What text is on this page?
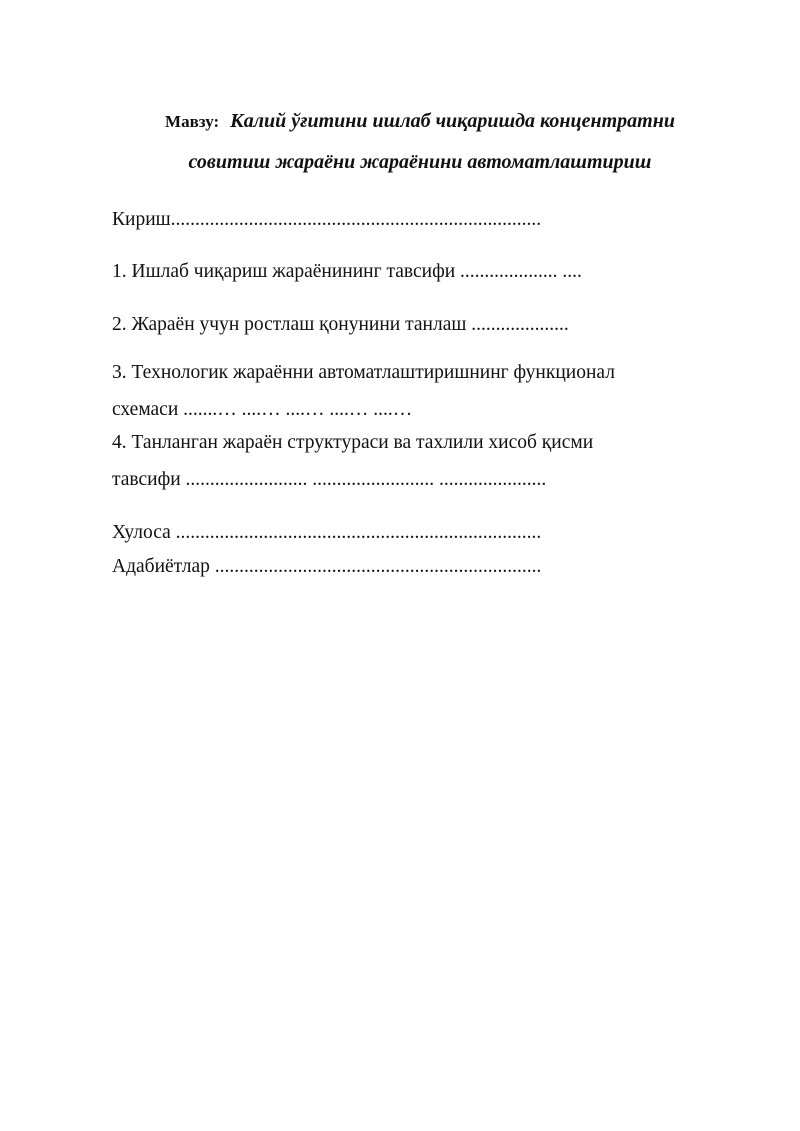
Мавзу: Калий ўғитини ишлаб чиқаришда концентратни
совитиш жараёни жараёнини автоматлаштириш
Кириш............................................................................
1. Ишлаб чиқариш жараёнининг тавсифи .................... ....
2. Жараён учун ростлаш қонунини танлаш ....................
3. Технологик жараённи автоматлаштиришнинг функционал
схемаси .......… ....… ....… ....… ....…
4. Танланган жараён структураси ва тахлили хисоб қисми
тавсифи ......................... ......................... ......................
Хулоса ...........................................................................
Адабиётлар ...................................................................
